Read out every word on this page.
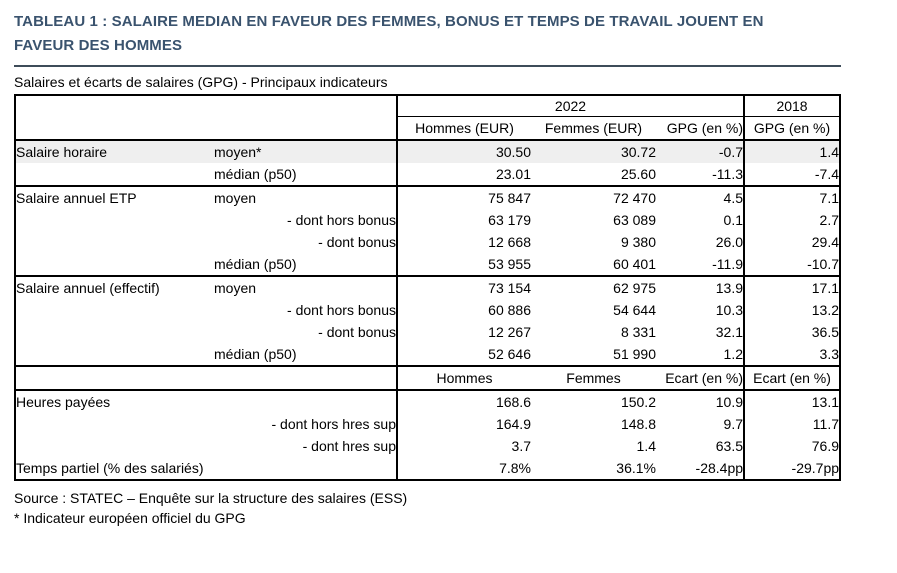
TABLEAU 1 : SALAIRE MEDIAN EN FAVEUR DES FEMMES, BONUS ET TEMPS DE TRAVAIL JOUENT EN FAVEUR DES HOMMES
Salaires et écarts de salaires (GPG) - Principaux indicateurs
		2022			2018
		Hommes (EUR)	Femmes (EUR)	GPG (en %)	GPG (en %)
Salaire horaire	moyen*	30.50	30.72	-0.7	1.4
	médian (p50)	23.01	25.60	-11.3	-7.4
Salaire annuel ETP	moyen	75 847	72 470	4.5	7.1
	- dont hors bonus	63 179	63 089	0.1	2.7
	- dont bonus	12 668	9 380	26.0	29.4
	médian (p50)	53 955	60 401	-11.9	-10.7
Salaire annuel (effectif)	moyen	73 154	62 975	13.9	17.1
	- dont hors bonus	60 886	54 644	10.3	13.2
	- dont bonus	12 267	8 331	32.1	36.5
	médian (p50)	52 646	51 990	1.2	3.3
		Hommes	Femmes	Ecart (en %)	Ecart (en %)
Heures payées		168.6	150.2	10.9	13.1
	- dont hors hres sup	164.9	148.8	9.7	11.7
	- dont hres sup	3.7	1.4	63.5	76.9
Temps partiel (% des salariés)		7.8%	36.1%	-28.4pp	-29.7pp
Source : STATEC – Enquête sur la structure des salaires (ESS)
* Indicateur européen officiel du GPG
